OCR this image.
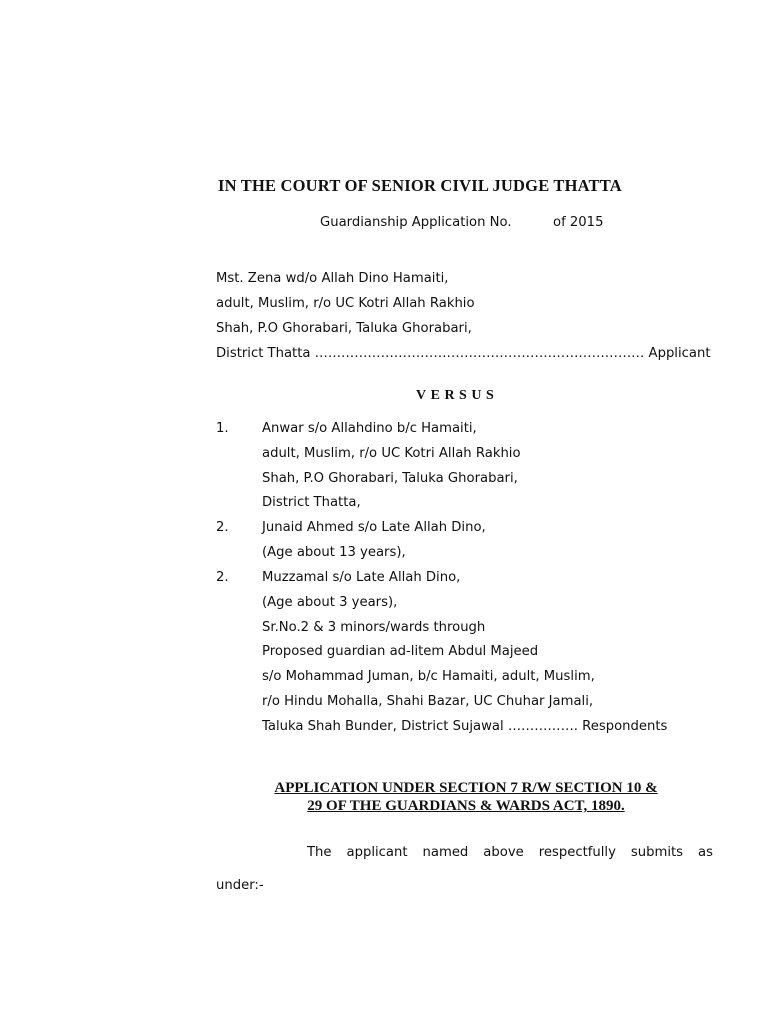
IN THE COURT OF SENIOR CIVIL JUDGE THATTA
Guardianship Application No.	of 2015
Mst. Zena wd/o Allah Dino Hamaiti,
adult, Muslim, r/o UC Kotri Allah Rakhio
Shah, P.O Ghorabari, Taluka Ghorabari,
District Thatta ………………………………………………………………… Applicant
VERSUS
1.	Anwar s/o Allahdino b/c Hamaiti,
adult, Muslim, r/o UC Kotri Allah Rakhio
Shah, P.O Ghorabari, Taluka Ghorabari,
District Thatta,
2.	Junaid Ahmed s/o Late Allah Dino,
(Age about 13 years),
2.	Muzzamal s/o Late Allah Dino,
(Age about 3 years),
Sr.No.2 & 3 minors/wards through
Proposed guardian ad-litem Abdul Majeed
s/o Mohammad Juman, b/c Hamaiti, adult, Muslim,
r/o Hindu Mohalla, Shahi Bazar, UC Chuhar Jamali,
Taluka Shah Bunder, District Sujawal ……………. Respondents
APPLICATION UNDER SECTION 7 R/W SECTION 10 &
29 OF THE GUARDIANS & WARDS ACT, 1890.
The applicant named above respectfully submits as
under:-
